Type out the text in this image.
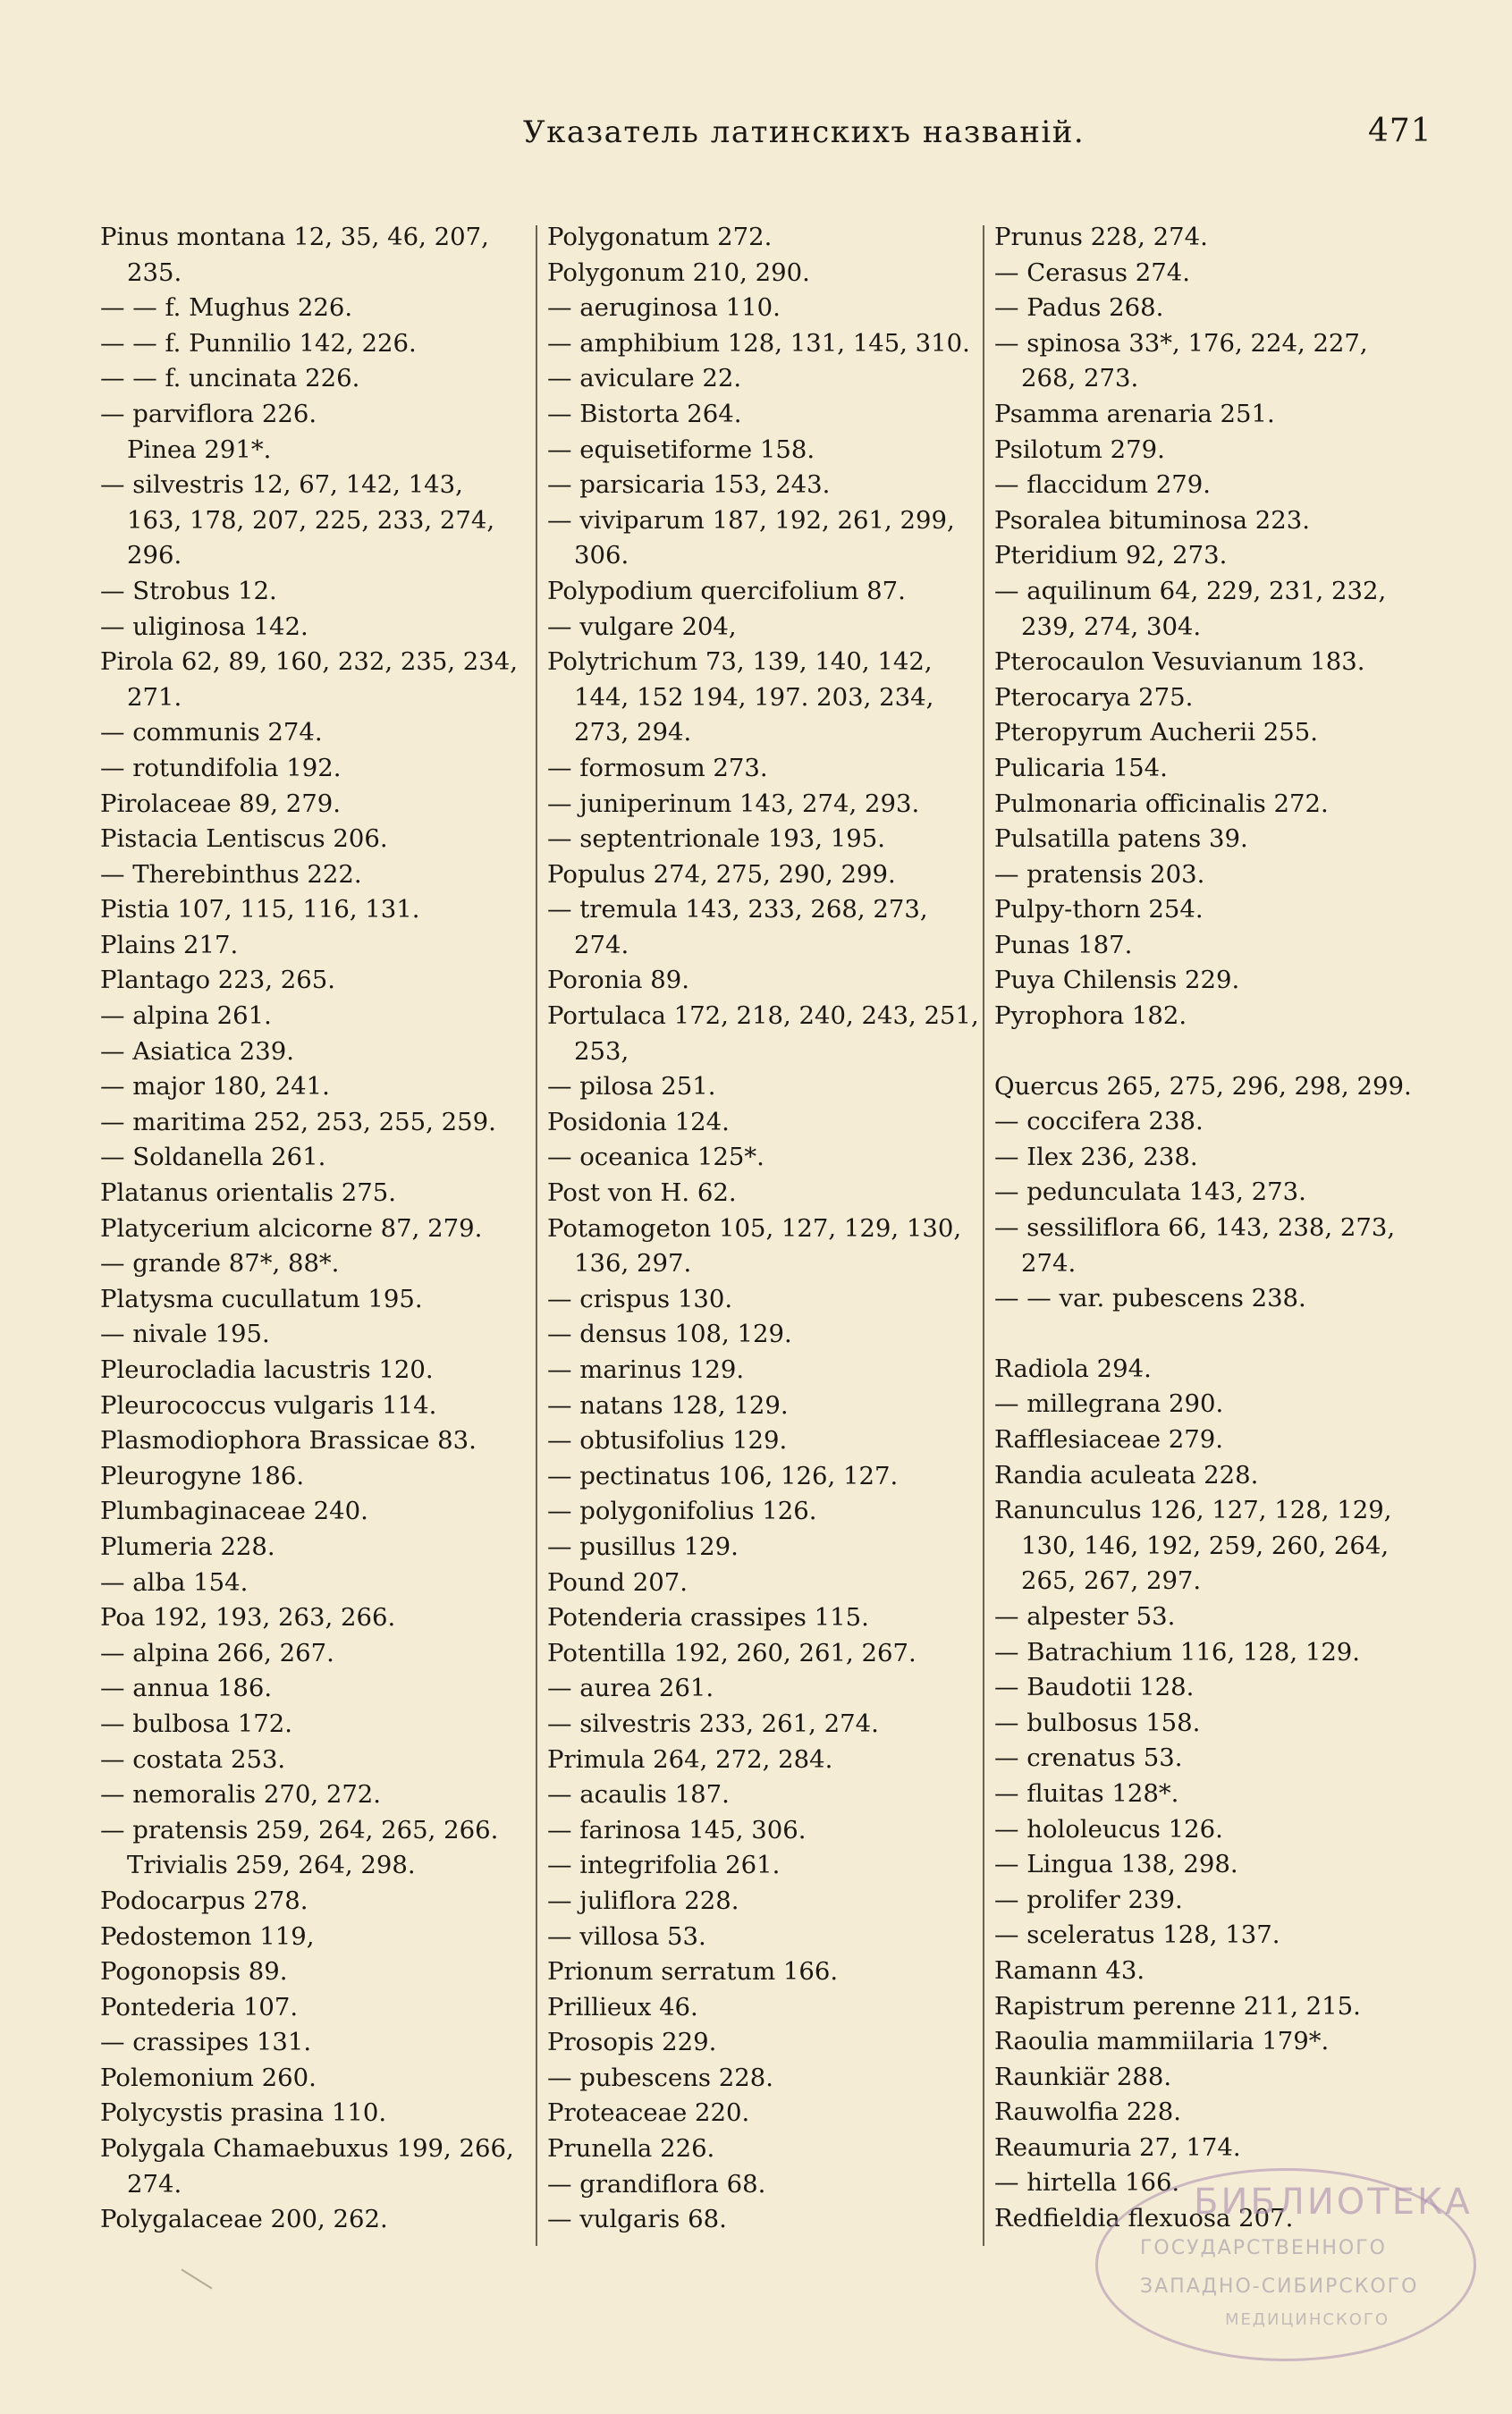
Указатель латинскихъ названій.	471
Pinus montana 12, 35, 46, 207,
235.
— — f. Mughus 226.
— — f. Punnilio 142, 226.
— — f. uncinata 226.
— parviflora 226.
Pinea 291*.
— silvestris 12, 67, 142, 143,
163, 178, 207, 225, 233, 274,
296.
— Strobus 12.
— uliginosa 142.
Pirola 62, 89, 160, 232, 235, 234,
271.
— communis 274.
— rotundifolia 192.
Pirolaceae 89, 279.
Pistacia Lentiscus 206.
— Therebinthus 222.
Pistia 107, 115, 116, 131.
Plains 217.
Plantago 223, 265.
— alpina 261.
— Asiatica 239.
— major 180, 241.
— maritima 252, 253, 255, 259.
— Soldanella 261.
Platanus orientalis 275.
Platycerium alcicorne 87, 279.
— grande 87*, 88*.
Platysma cucullatum 195.
— nivale 195.
Pleurocladia lacustris 120.
Pleurococcus vulgaris 114.
Plasmodiophora Brassicae 83.
Pleurogyne 186.
Plumbaginaceae 240.
Plumeria 228.
— alba 154.
Poa 192, 193, 263, 266.
— alpina 266, 267.
— annua 186.
— bulbosa 172.
— costata 253.
— nemoralis 270, 272.
— pratensis 259, 264, 265, 266.
Trivialis 259, 264, 298.
Podocarpus 278.
Pedostemon 119,
Pogonopsis 89.
Pontederia 107.
— crassipes 131.
Polemonium 260.
Polycystis prasina 110.
Polygala Chamaebuxus 199, 266,
274.
Polygalaceae 200, 262.
Polygonatum 272.
Polygonum 210, 290.
— aeruginosa 110.
— amphibium 128, 131, 145, 310.
— aviculare 22.
— Bistorta 264.
— equisetiforme 158.
— parsicaria 153, 243.
— viviparum 187, 192, 261, 299,
306.
Polypodium quercifolium 87.
— vulgare 204,
Polytrichum 73, 139, 140, 142,
144, 152 194, 197. 203, 234,
273, 294.
— formosum 273.
— juniperinum 143, 274, 293.
— septentrionale 193, 195.
Populus 274, 275, 290, 299.
— tremula 143, 233, 268, 273,
274.
Poronia 89.
Portulaca 172, 218, 240, 243, 251,
253,
— pilosa 251.
Posidonia 124.
— oceanica 125*.
Post von H. 62.
Potamogeton 105, 127, 129, 130,
136, 297.
— crispus 130.
— densus 108, 129.
— marinus 129.
— natans 128, 129.
— obtusifolius 129.
— pectinatus 106, 126, 127.
— polygonifolius 126.
— pusillus 129.
Pound 207.
Potenderia crassipes 115.
Potentilla 192, 260, 261, 267.
— aurea 261.
— silvestris 233, 261, 274.
Primula 264, 272, 284.
— acaulis 187.
— farinosa 145, 306.
— integrifolia 261.
— juliflora 228.
— villosa 53.
Prionum serratum 166.
Prillieux 46.
Prosopis 229.
— pubescens 228.
Proteaceae 220.
Prunella 226.
— grandiflora 68.
— vulgaris 68.
Prunus 228, 274.
— Cerasus 274.
— Padus 268.
— spinosa 33*, 176, 224, 227,
268, 273.
Psamma arenaria 251.
Psilotum 279.
— flaccidum 279.
Psoralea bituminosa 223.
Pteridium 92, 273.
— aquilinum 64, 229, 231, 232,
239, 274, 304.
Pterocaulon Vesuvianum 183.
Pterocarya 275.
Pteropyrum Aucherii 255.
Pulicaria 154.
Pulmonaria officinalis 272.
Pulsatilla patens 39.
— pratensis 203.
Pulpy-thorn 254.
Punas 187.
Puya Chilensis 229.
Pyrophora 182.
Quercus 265, 275, 296, 298, 299.
— coccifera 238.
— Ilex 236, 238.
— pedunculata 143, 273.
— sessiliflora 66, 143, 238, 273,
274.
— — var. pubescens 238.
Radiola 294.
— millegrana 290.
Rafflesiaceae 279.
Randia aculeata 228.
Ranunculus 126, 127, 128, 129,
130, 146, 192, 259, 260, 264,
265, 267, 297.
— alpester 53.
— Batrachium 116, 128, 129.
— Baudotii 128.
— bulbosus 158.
— crenatus 53.
— fluitas 128*.
— hololeucus 126.
— Lingua 138, 298.
— prolifer 239.
— sceleratus 128, 137.
Ramann 43.
Rapistrum perenne 211, 215.
Raoulia mammiilaria 179*.
Raunkiär 288.
Rauwolfia 228.
Reaumuria 27, 174.
— hirtella 166.
Redfieldia flexuosa 207.
БИБЛИОТЕКА
ГОСУДАРСТВЕННОГО
ЗАПАДНО-СИБИРСКОГО
МЕДИЦИНСКОГО
